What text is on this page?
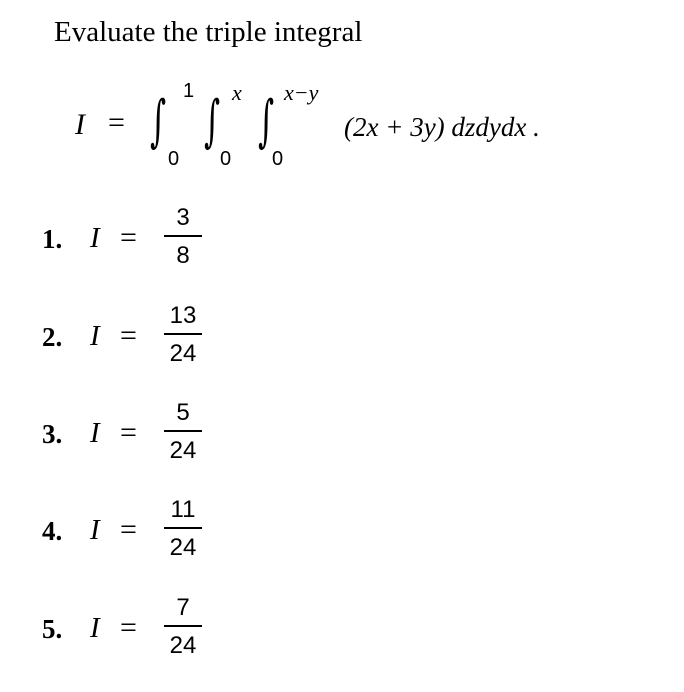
Evaluate the triple integral
I = ∫ ∫ ∫
1 x x−y
0 0 0
(2x + 3y) dzdydx .
1. I =
3
8
2. I =
13
24
3. I =
5
24
4. I =
11
24
5. I =
7
24
